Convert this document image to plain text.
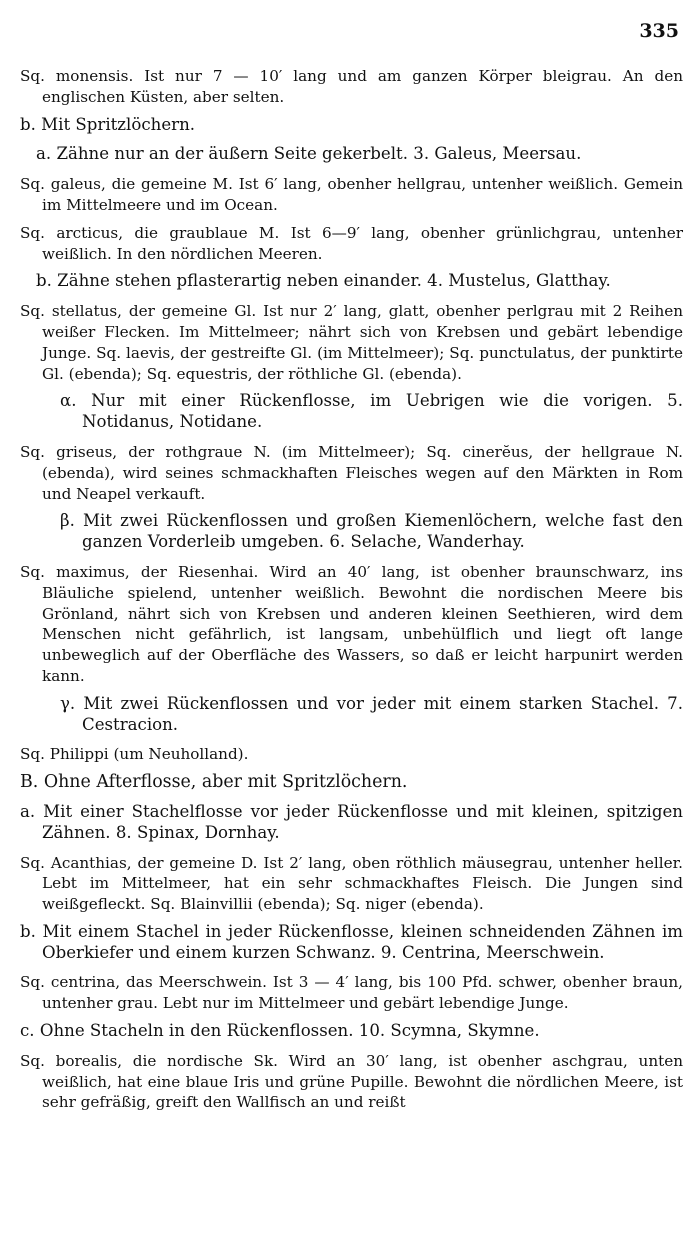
335

Sq. monensis. Ist nur 7 — 10′ lang und am ganzen Körper bleigrau. An den englischen Küsten, aber selten.

b. Mit Spritzlöchern.

a. Zähne nur an der äußern Seite gekerbelt. 3. Galeus, Meersau.

Sq. galeus, die gemeine M. Ist 6′ lang, obenher hellgrau, untenher weißlich. Gemein im Mittelmeere und im Ocean.

Sq. arcticus, die graublaue M. Ist 6—9′ lang, obenher grünlichgrau, untenher weißlich. In den nördlichen Meeren.

b. Zähne stehen pflasterartig neben einander. 4. Mustelus, Glatthay.

Sq. stellatus, der gemeine Gl. Ist nur 2′ lang, glatt, obenher perlgrau mit 2 Reihen weißer Flecken. Im Mittelmeer; nährt sich von Krebsen und gebärt lebendige Junge. Sq. laevis, der gestreifte Gl. (im Mittelmeer); Sq. punctulatus, der punktirte Gl. (ebenda); Sq. equestris, der röthliche Gl. (ebenda).

α. Nur mit einer Rückenflosse, im Uebrigen wie die vorigen. 5. Notidanus, Notidane.

Sq. griseus, der rothgraue N. (im Mittelmeer); Sq. cinerĕus, der hellgraue N. (ebenda), wird seines schmackhaften Fleisches wegen auf den Märkten in Rom und Neapel verkauft.

β. Mit zwei Rückenflossen und großen Kiemenlöchern, welche fast den ganzen Vorderleib umgeben. 6. Selache, Wanderhay.

Sq. maximus, der Riesenhai. Wird an 40′ lang, ist obenher braunschwarz, ins Bläuliche spielend, untenher weißlich. Bewohnt die nordischen Meere bis Grönland, nährt sich von Krebsen und anderen kleinen Seethieren, wird dem Menschen nicht gefährlich, ist langsam, unbehülflich und liegt oft lange unbeweglich auf der Oberfläche des Wassers, so daß er leicht harpunirt werden kann.

γ. Mit zwei Rückenflossen und vor jeder mit einem starken Stachel. 7. Cestracion.

Sq. Philippi (um Neuholland).

B. Ohne Afterflosse, aber mit Spritzlöchern.

a. Mit einer Stachelflosse vor jeder Rückenflosse und mit kleinen, spitzigen Zähnen. 8. Spinax, Dornhay.

Sq. Acanthias, der gemeine D. Ist 2′ lang, oben röthlich mäusegrau, untenher heller. Lebt im Mittelmeer, hat ein sehr schmackhaftes Fleisch. Die Jungen sind weißgefleckt. Sq. Blainvillii (ebenda); Sq. niger (ebenda).

b. Mit einem Stachel in jeder Rückenflosse, kleinen schneidenden Zähnen im Oberkiefer und einem kurzen Schwanz. 9. Centrina, Meerschwein.

Sq. centrina, das Meerschwein. Ist 3 — 4′ lang, bis 100 Pfd. schwer, obenher braun, untenher grau. Lebt nur im Mittelmeer und gebärt lebendige Junge.

c. Ohne Stacheln in den Rückenflossen. 10. Scymna, Skymne.

Sq. borealis, die nordische Sk. Wird an 30′ lang, ist obenher aschgrau, unten weißlich, hat eine blaue Iris und grüne Pupille. Bewohnt die nördlichen Meere, ist sehr gefräßig, greift den Wallfisch an und reißt
